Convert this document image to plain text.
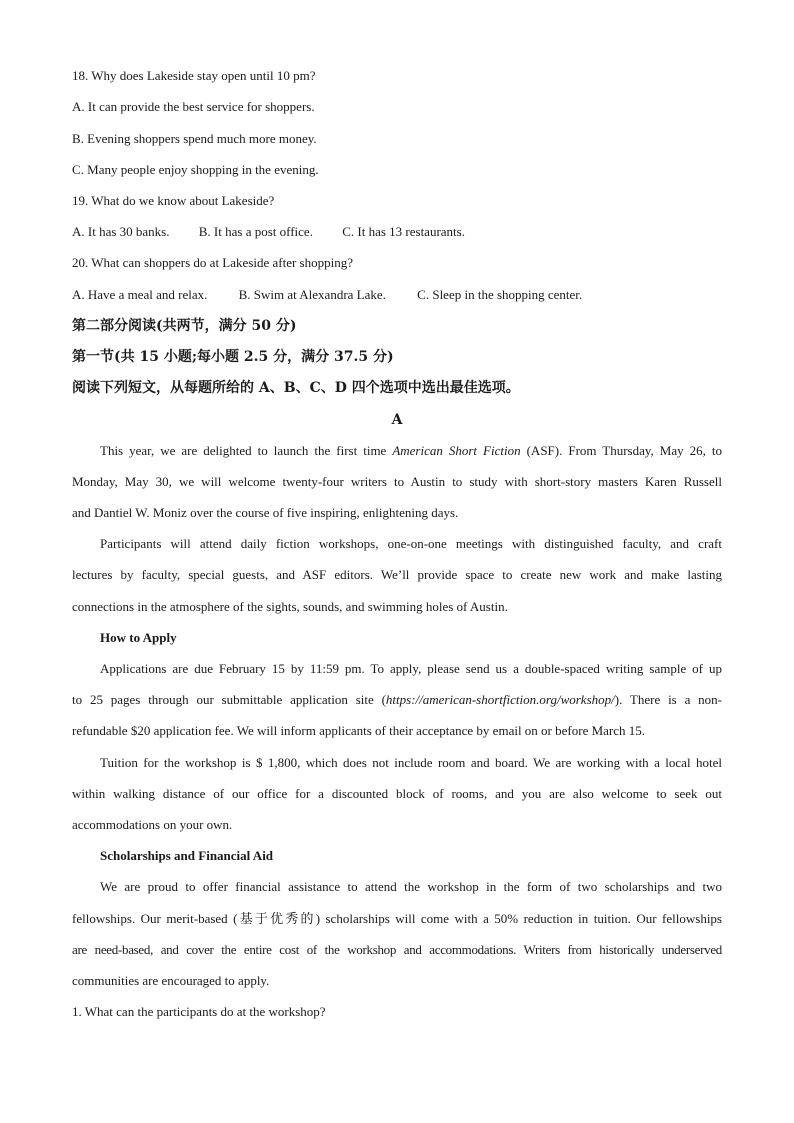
18. Why does Lakeside stay open until 10 pm?
A. It can provide the best service for shoppers.
B. Evening shoppers spend much more money.
C. Many people enjoy shopping in the evening.
19. What do we know about Lakeside?
A. It has 30 banks. B. It has a post office. C. It has 13 restaurants.
20. What can shoppers do at Lakeside after shopping?
A. Have a meal and relax. B. Swim at Alexandra Lake. C. Sleep in the shopping center.
第二部分阅读(共两节，满分 50 分)
第一节(共 15 小题;每小题 2.5 分，满分 37.5 分)
阅读下列短文，从每题所给的 A、B、C、D 四个选项中选出最佳选项。
A
This year, we are delighted to launch the first time American Short Fiction (ASF). From Thursday, May 26, to
Monday, May 30, we will welcome twenty-four writers to Austin to study with short-story masters Karen Russell
and Dantiel W. Moniz over the course of five inspiring, enlightening days.
Participants will attend daily fiction workshops, one-on-one meetings with distinguished faculty, and craft
lectures by faculty, special guests, and ASF editors. We’ll provide space to create new work and make lasting
connections in the atmosphere of the sights, sounds, and swimming holes of Austin.
How to Apply
Applications are due February 15 by 11:59 pm. To apply, please send us a double-spaced writing sample of up
to 25 pages through our submittable application site (https://american-shortfiction.org/workshop/). There is a non-
refundable $20 application fee. We will inform applicants of their acceptance by email on or before March 15.
Tuition for the workshop is $ 1,800, which does not include room and board. We are working with a local hotel
within walking distance of our office for a discounted block of rooms, and you are also welcome to seek out
accommodations on your own.
Scholarships and Financial Aid
We are proud to offer financial assistance to attend the workshop in the form of two scholarships and two
fellowships. Our merit-based (基于优秀的) scholarships will come with a 50% reduction in tuition. Our fellowships
are need-based, and cover the entire cost of the workshop and accommodations. Writers from historically underserved
communities are encouraged to apply.
1. What can the participants do at the workshop?
